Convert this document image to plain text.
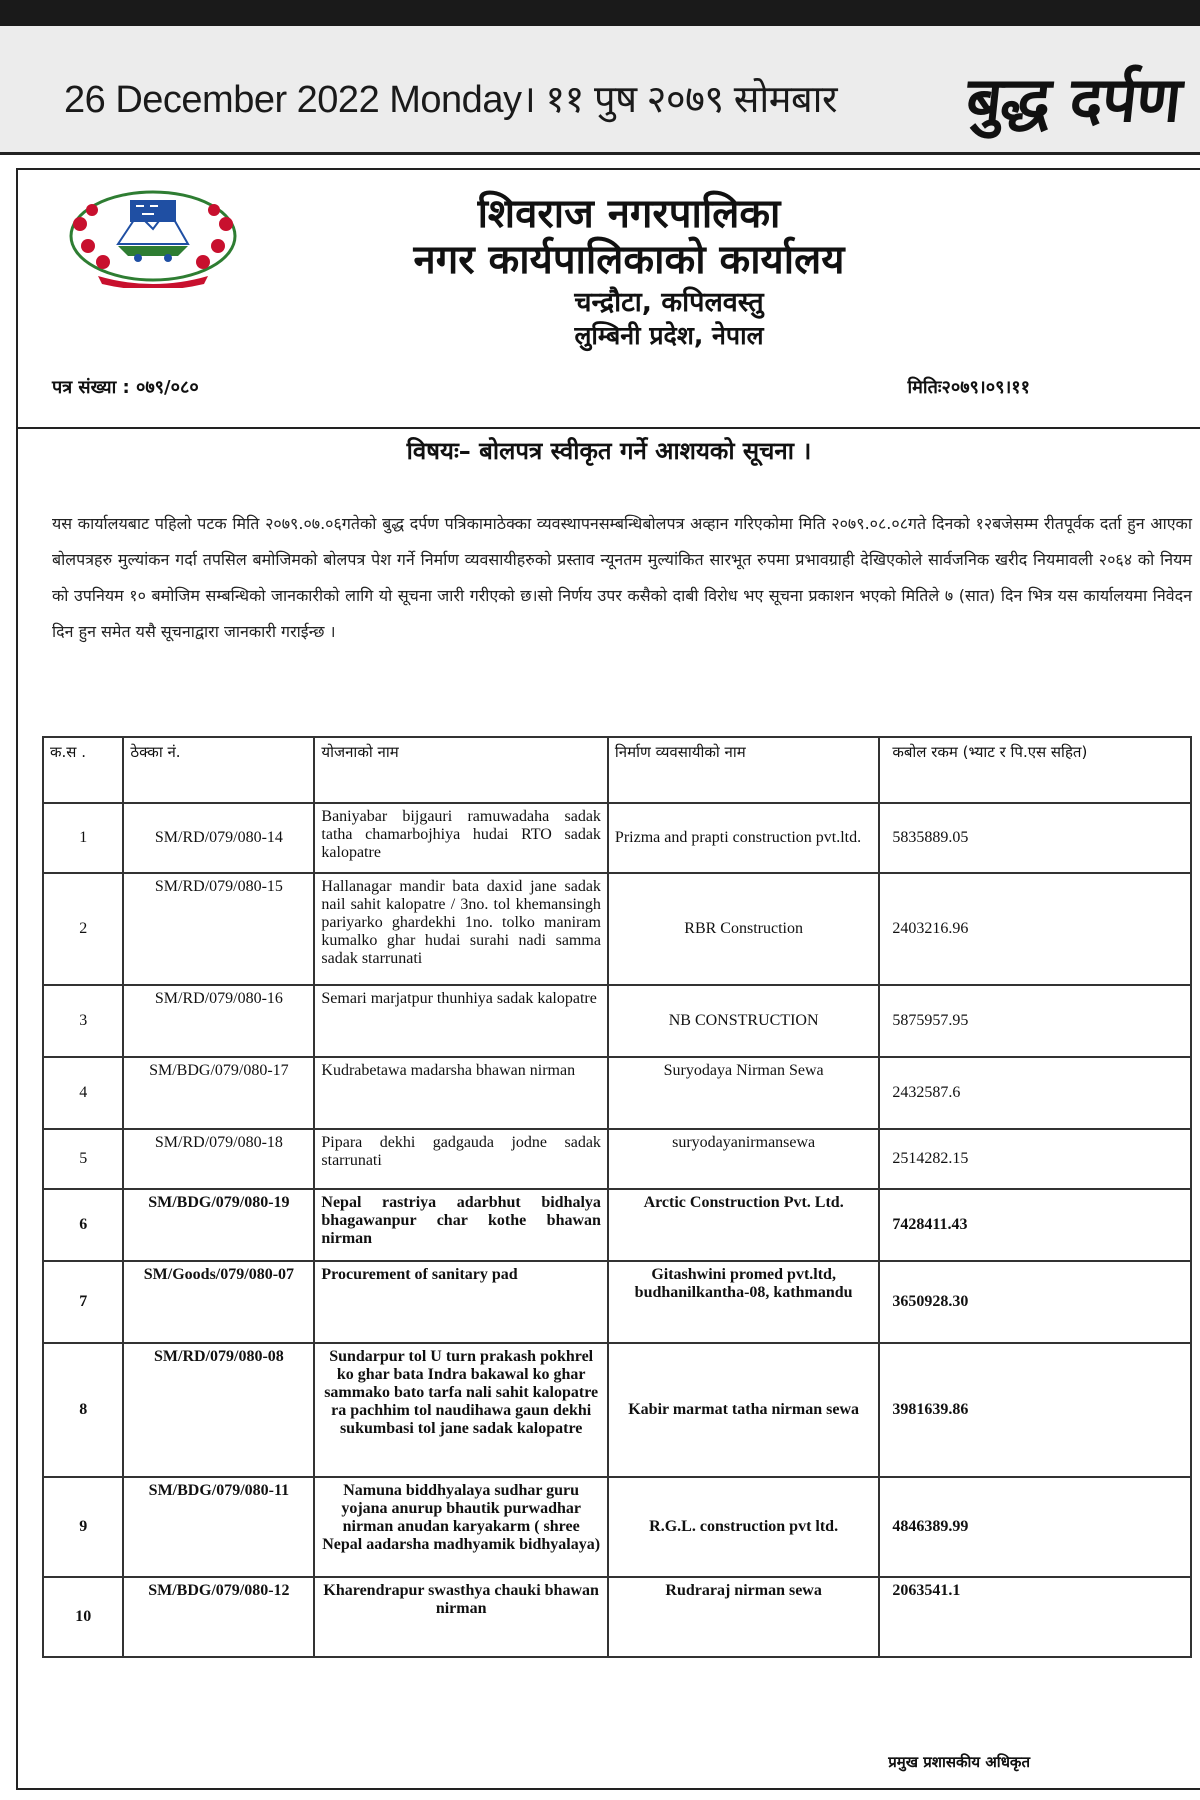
26 December 2022 Monday। ११ पुष २०७९ सोमबार बुद्ध दर्पण
शिवराज नगरपालिका
नगर कार्यपालिकाको कार्यालय
चन्द्रौटा, कपिलवस्तु
लुम्बिनी प्रदेश, नेपाल
पत्र संख्या : ०७९/०८०	मितिः२०७९।०९।११
विषयः– बोलपत्र स्वीकृत गर्ने आशयको सूचना ।
यस कार्यालयबाट पहिलो पटक मिति २०७९.०७.०६गतेको बुद्ध दर्पण पत्रिकामाठेक्का व्यवस्थापनसम्बन्धिबोलपत्र अव्हान गरिएकोमा मिति २०७९.०८.०८गते दिनको १२बजेसम्म रीतपूर्वक दर्ता हुन आएका बोलपत्रहरु मुल्यांकन गर्दा तपसिल बमोजिमको बोलपत्र पेश गर्ने निर्माण व्यवसायीहरुको प्रस्ताव न्यूनतम मुल्यांकित सारभूत रुपमा प्रभावग्राही देखिएकोले सार्वजनिक खरीद नियमावली २०६४ को नियम को उपनियम १० बमोजिम सम्बन्धिको जानकारीको लागि यो सूचना जारी गरीएको छ।सो निर्णय उपर कसैको दाबी विरोध भए सूचना प्रकाशन भएको मितिले ७ (सात) दिन भित्र यस कार्यालयमा निवेदन दिन हुन समेत यसै सूचनाद्वारा जानकारी गराईन्छ ।
क.स .	ठेक्का नं.	योजनाको नाम	निर्माण व्यवसायीको नाम	कबोल रकम (भ्याट र पि.एस सहित)
1	SM/RD/079/080-14	Baniyabar bijgauri ramuwadaha sadak tatha chamarbojhiya hudai RTO sadak kalopatre	Prizma and prapti construction pvt.ltd.	5835889.05
2	SM/RD/079/080-15	Hallanagar mandir bata daxid jane sadak nail sahit kalopatre / 3no. tol khemansingh pariyarko ghardekhi 1no. tolko maniram kumalko ghar hudai surahi nadi samma sadak starrunati	RBR Construction	2403216.96
3	SM/RD/079/080-16	Semari marjatpur thunhiya sadak kalopatre	NB CONSTRUCTION	5875957.95
4	SM/BDG/079/080-17	Kudrabetawa madarsha bhawan nirman	Suryodaya Nirman Sewa	2432587.6
5	SM/RD/079/080-18	Pipara dekhi gadgauda jodne sadak starrunati	suryodayanirmansewa	2514282.15
6	SM/BDG/079/080-19	Nepal rastriya adarbhut bidhalya bhagawanpur char kothe bhawan nirman	Arctic Construction Pvt. Ltd.	7428411.43
7	SM/Goods/079/080-07	Procurement of sanitary pad	Gitashwini promed pvt.ltd, budhanilkantha-08, kathmandu	3650928.30
8	SM/RD/079/080-08	Sundarpur tol U turn prakash pokhrel ko ghar bata Indra bakawal ko ghar sammako bato tarfa nali sahit kalopatre ra pachhim tol naudihawa gaun dekhi sukumbasi tol jane sadak kalopatre	Kabir marmat tatha nirman sewa	3981639.86
9	SM/BDG/079/080-11	Namuna biddhyalaya sudhar guru yojana anurup bhautik purwadhar nirman anudan karyakarm ( shree Nepal aadarsha madhyamik bidhyalaya)	R.G.L. construction pvt ltd.	4846389.99
10	SM/BDG/079/080-12	Kharendrapur swasthya chauki bhawan nirman	Rudraraj nirman sewa	2063541.1
प्रमुख प्रशासकीय अधिकृत
